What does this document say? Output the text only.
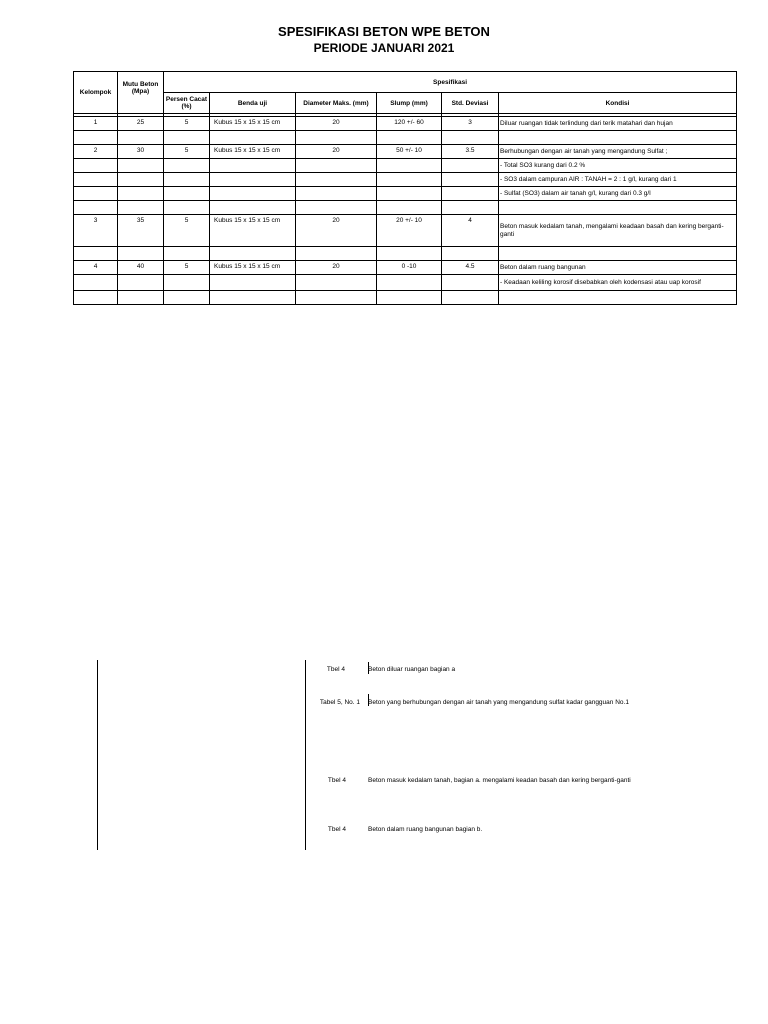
SPESIFIKASI BETON WPE BETON
PERIODE JANUARI 2021
Kelompok	Mutu Beton (Mpa)	Spesifikasi					
		Persen Cacat (%)	Benda uji	Diameter Maks. (mm)	Slump (mm)	Std. Deviasi	Kondisi

1	25	5	Kubus 15 x 15 x 15 cm	20	120 +/- 60	3	Diluar ruangan tidak terlindung dari terik matahari dan hujan

2	30	5	Kubus 15 x 15 x 15 cm	20	50 +/- 10	3.5	Berhubungan dengan air tanah yang mengandung Sulfat ;
							- Total SO3 kurang dari 0.2 %
							- SO3 dalam campuran AIR : TANAH = 2 : 1 g/l, kurang dari 1
							- Sulfat (SO3) dalam air tanah g/l, kurang dari 0.3 g/l

3	35	5	Kubus 15 x 15 x 15 cm	20	20 +/- 10	4	Beton masuk kedalam tanah, mengalami keadaan basah dan kering berganti-ganti

4	40	5	Kubus 15 x 15 x 15 cm	20	0 -10	4.5	Beton dalam ruang bangunan
							- Keadaan keliling korosif disebabkan oleh kodensasi atau uap korosif

Tbel 4	Beton diluar ruangan bagian a
Tabel 5, No. 1 Beton yang berhubungan dengan air tanah yang mengandung sulfat kadar gangguan No.1
Tbel 4	Beton masuk kedalam tanah, bagian a. mengalami keadan basah dan kering berganti-ganti
Tbel 4	Beton dalam ruang bangunan bagian b.
